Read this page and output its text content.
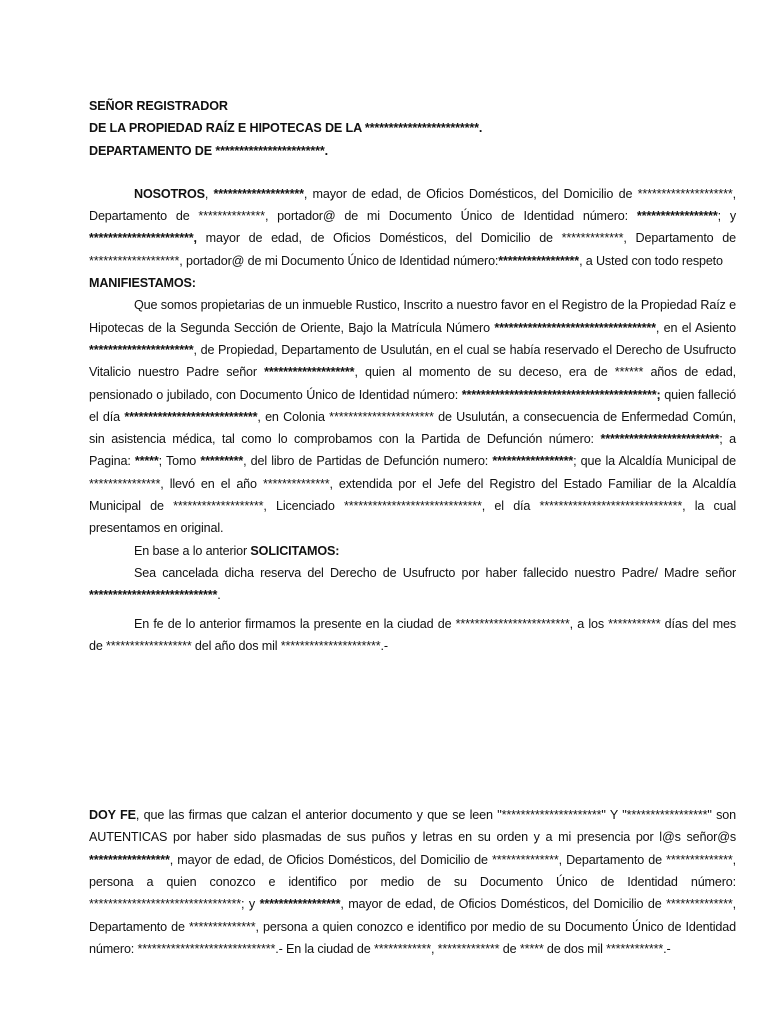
SEÑOR REGISTRADOR

DE LA PROPIEDAD RAÍZ E HIPOTECAS DE LA ************************.

DEPARTAMENTO DE ***********************.

NOSOTROS, *******************, mayor de edad, de Oficios Domésticos, del Domicilio de ********************, Departamento de **************, portador@ de mi Documento Único de Identidad número: *****************; y **********************, mayor de edad, de Oficios Domésticos, del Domicilio de *************, Departamento de *******************, portador@ de mi Documento Único de Identidad número:*****************, a Usted con todo respeto

MANIFIESTAMOS:

Que somos propietarias de un inmueble Rustico, Inscrito a nuestro favor en el Registro de la Propiedad Raíz e Hipotecas de la Segunda Sección de Oriente, Bajo la Matrícula Número **********************************, en el Asiento **********************, de Propiedad, Departamento de Usulután, en el cual se había reservado el Derecho de Usufructo Vitalicio nuestro Padre señor *******************, quien al momento de su deceso, era de ****** años de edad, pensionado o jubilado, con Documento Único de Identidad número: *****************************************; quien falleció el día ****************************, en Colonia ********************** de Usulután, a consecuencia de Enfermedad Común, sin asistencia médica, tal como lo comprobamos con la Partida de Defunción número: *************************; a Pagina: *****; Tomo *********, del libro de Partidas de Defunción numero: *****************; que la Alcaldía Municipal de ***************, llevó en el año **************, extendida por el Jefe del Registro del Estado Familiar de la Alcaldía Municipal de *******************, Licenciado *****************************, el día ******************************, la cual presentamos en original.

En base a lo anterior SOLICITAMOS:

Sea cancelada dicha reserva del Derecho de Usufructo por haber fallecido nuestro Padre/ Madre señor ***************************.

En fe de lo anterior firmamos la presente en la ciudad de ************************, a los *********** días del mes de ****************** del año dos mil *********************.-

DOY FE, que las firmas que calzan el anterior documento y que se leen "*********************" Y "*****************" son AUTENTICAS por haber sido plasmadas de sus puños y letras en su orden y a mi presencia por l@s señor@s *****************, mayor de edad, de Oficios Domésticos, del Domicilio de **************, Departamento de **************, persona a quien conozco e identifico por medio de su Documento Único de Identidad número: ********************************; y *****************, mayor de edad, de Oficios Domésticos, del Domicilio de **************, Departamento de **************, persona a quien conozco e identifico por medio de su Documento Único de Identidad número: *****************************.- En la ciudad de ************, ************* de ***** de dos mil ************.-
